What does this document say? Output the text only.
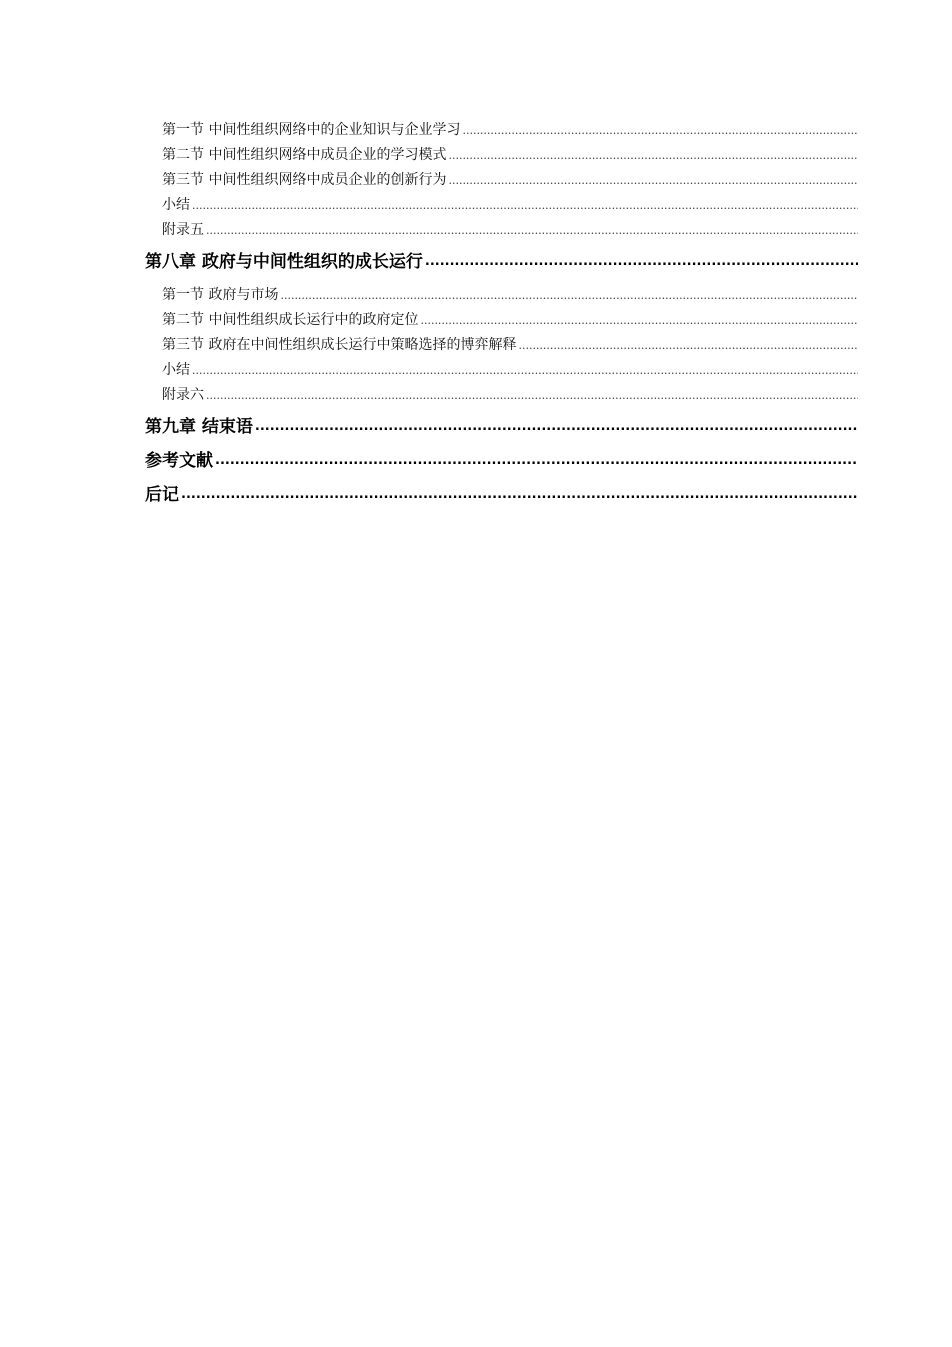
第一节 中间性组织网络中的企业知识与企业学习
.....
第二节 中间性组织网络中成员企业的学习模式
.....
第三节 中间性组织网络中成员企业的创新行为
.....
小结
.....
附录五
.....
第八章 政府与中间性组织的成长运行
.....
第一节 政府与市场
.....
第二节 中间性组织成长运行中的政府定位
.....
第三节 政府在中间性组织成长运行中策略选择的博弈解释
.....
小结
.....
附录六
.....
第九章 结束语
.....
参考文献
.....
后记
.....
